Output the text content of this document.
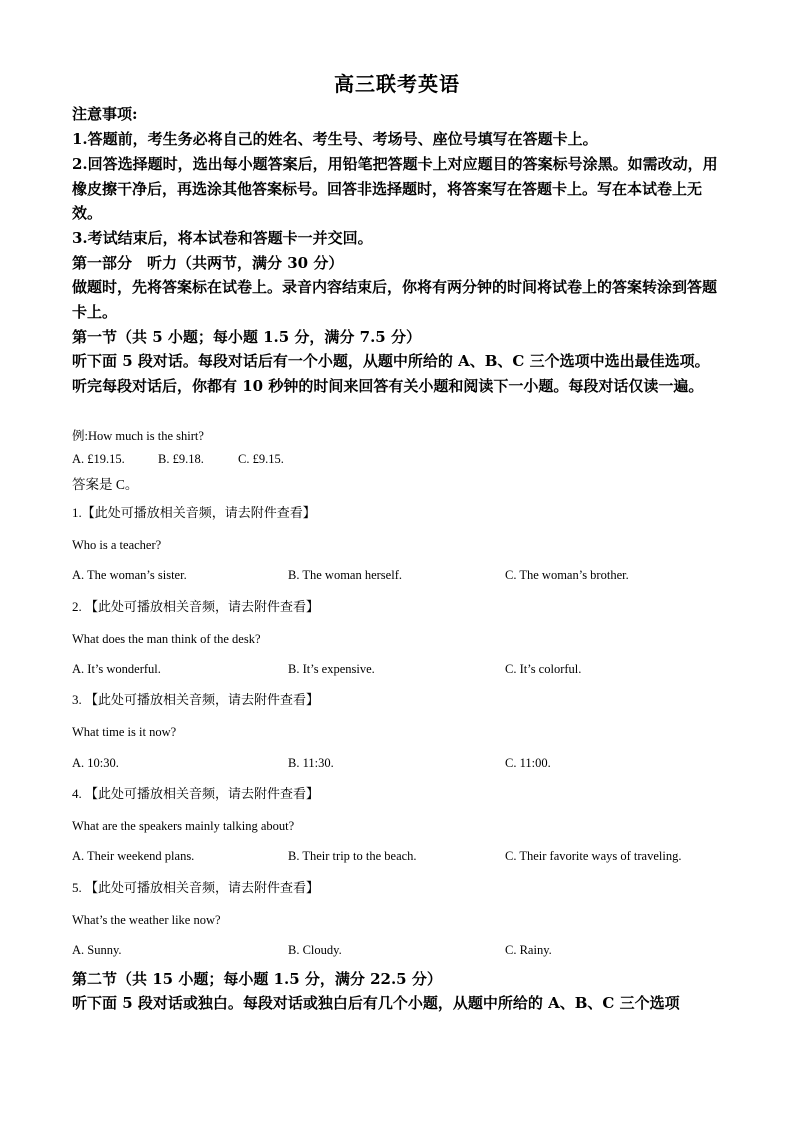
高三联考英语
注意事项:
1.答题前，考生务必将自己的姓名、考生号、考场号、座位号填写在答题卡上。
2.回答选择题时，选出每小题答案后，用铅笔把答题卡上对应题目的答案标号涂黑。如需改动，用橡皮擦干净后，再选涂其他答案标号。回答非选择题时，将答案写在答题卡上。写在本试卷上无效。
3.考试结束后，将本试卷和答题卡一并交回。
第一部分　听力（共两节，满分 30 分）
做题时，先将答案标在试卷上。录音内容结束后，你将有两分钟的时间将试卷上的答案转涂到答题卡上。
第一节（共 5 小题；每小题 1.5 分，满分 7.5 分）
听下面 5 段对话。每段对话后有一个小题，从题中所给的 A、B、C 三个选项中选出最佳选项。听完每段对话后，你都有 10 秒钟的时间来回答有关小题和阅读下一小题。每段对话仅读一遍。
例:How much is the shirt?
A. £19.15.	B. £9.18.	C. £9.15.
答案是 C。
1.【此处可播放相关音频，请去附件查看】
Who is a teacher?
A. The woman’s sister.	B. The woman herself.	C. The woman’s brother.
2. 【此处可播放相关音频，请去附件查看】
What does the man think of the desk?
A. It’s wonderful.	B. It’s expensive.	C. It’s colorful.
3. 【此处可播放相关音频，请去附件查看】
What time is it now?
A. 10:30.	B. 11:30.	C. 11:00.
4. 【此处可播放相关音频，请去附件查看】
What are the speakers mainly talking about?
A. Their weekend plans.	B. Their trip to the beach.	C. Their favorite ways of traveling.
5. 【此处可播放相关音频，请去附件查看】
What’s the weather like now?
A. Sunny.	B. Cloudy.	C. Rainy.
第二节（共 15 小题；每小题 1.5 分，满分 22.5 分）
听下面 5 段对话或独白。每段对话或独白后有几个小题，从题中所给的 A、B、C 三个选项
